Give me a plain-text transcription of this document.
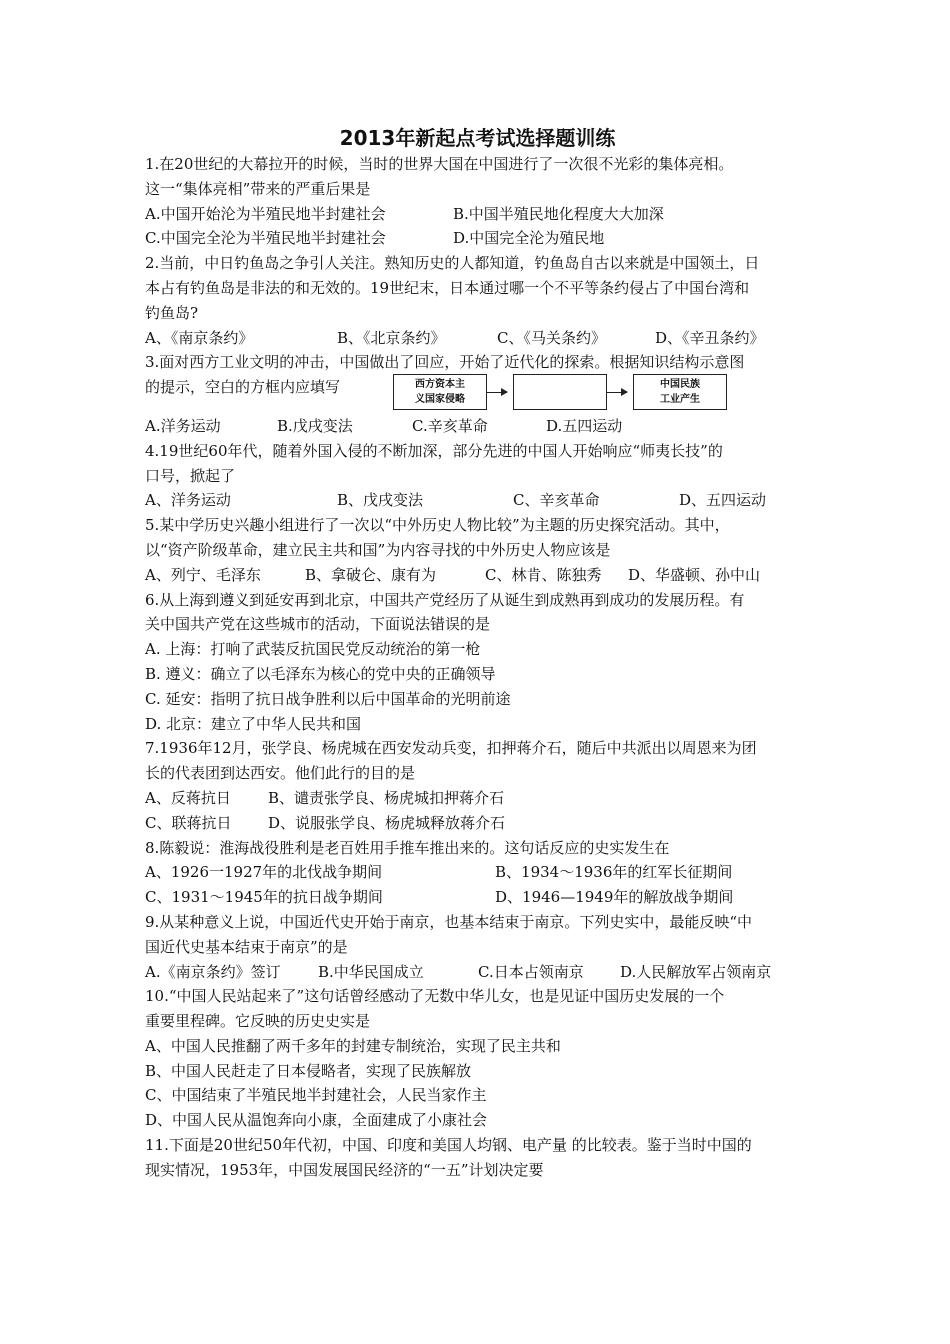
2013年新起点考试选择题训练
1.在20世纪的大幕拉开的时候，当时的世界大国在中国进行了一次很不光彩的集体亮相。
这一“集体亮相”带来的严重后果是
A.中国开始沦为半殖民地半封建社会	B.中国半殖民地化程度大大加深
C.中国完全沦为半殖民地半封建社会	D.中国完全沦为殖民地
2.当前，中日钓鱼岛之争引人关注。熟知历史的人都知道，钓鱼岛自古以来就是中国领土，日
本占有钓鱼岛是非法的和无效的。19世纪末，日本通过哪一个不平等条约侵占了中国台湾和
钓鱼岛?
A、《南京条约》	B、《北京条约》	C、《马关条约》	D、《辛丑条约》
3.面对西方工业文明的冲击，中国做出了回应，开始了近代化的探索。根据知识结构示意图
的提示，空白的方框内应填写	西方资本主
义国家侵略
中国民族
工业产生
A.洋务运动	B.戊戌变法	C.辛亥革命	D.五四运动
4.19世纪60年代，随着外国入侵的不断加深，部分先进的中国人开始响应“师夷长技”的
口号，掀起了
A、洋务运动	B、戊戌变法	C、辛亥革命	D、五四运动
5.某中学历史兴趣小组进行了一次以“中外历史人物比较”为主题的历史探究活动。其中，
以“资产阶级革命，建立民主共和国”为内容寻找的中外历史人物应该是
A、列宁、毛泽东	B、拿破仑、康有为	C、林肯、陈独秀	D、华盛顿、孙中山
6.从上海到遵义到延安再到北京，中国共产党经历了从诞生到成熟再到成功的发展历程。有
关中国共产党在这些城市的活动，下面说法错误的是
A. 上海：打响了武装反抗国民党反动统治的第一枪
B. 遵义：确立了以毛泽东为核心的党中央的正确领导
C. 延安：指明了抗日战争胜利以后中国革命的光明前途
D. 北京：建立了中华人民共和国
7.1936年12月，张学良、杨虎城在西安发动兵变，扣押蒋介石，随后中共派出以周恩来为团
长的代表团到达西安。他们此行的目的是
A、反蒋抗日	B、谴责张学良、杨虎城扣押蒋介石
C、联蒋抗日	D、说服张学良、杨虎城释放蒋介石
8.陈毅说：淮海战役胜利是老百姓用手推车推出来的。这句话反应的史实发生在
A、1926一1927年的北伐战争期间	B、1934～1936年的红军长征期间
C、1931～1945年的抗日战争期间	D、1946—1949年的解放战争期间
9.从某种意义上说，中国近代史开始于南京，也基本结束于南京。下列史实中，最能反映“中
国近代史基本结束于南京”的是
A.《南京条约》签订	B.中华民国成立	C.日本占领南京	D.人民解放军占领南京
10.“中国人民站起来了”这句话曾经感动了无数中华儿女，也是见证中国历史发展的一个
重要里程碑。它反映的历史史实是
A、中国人民推翻了两千多年的封建专制统治，实现了民主共和
B、中国人民赶走了日本侵略者，实现了民族解放
C、中国结束了半殖民地半封建社会，人民当家作主
D、中国人民从温饱奔向小康，全面建成了小康社会
11.下面是20世纪50年代初，中国、印度和美国人均钢、电产量 的比较表。鉴于当时中国的
现实情况，1953年，中国发展国民经济的“一五”计划决定要
